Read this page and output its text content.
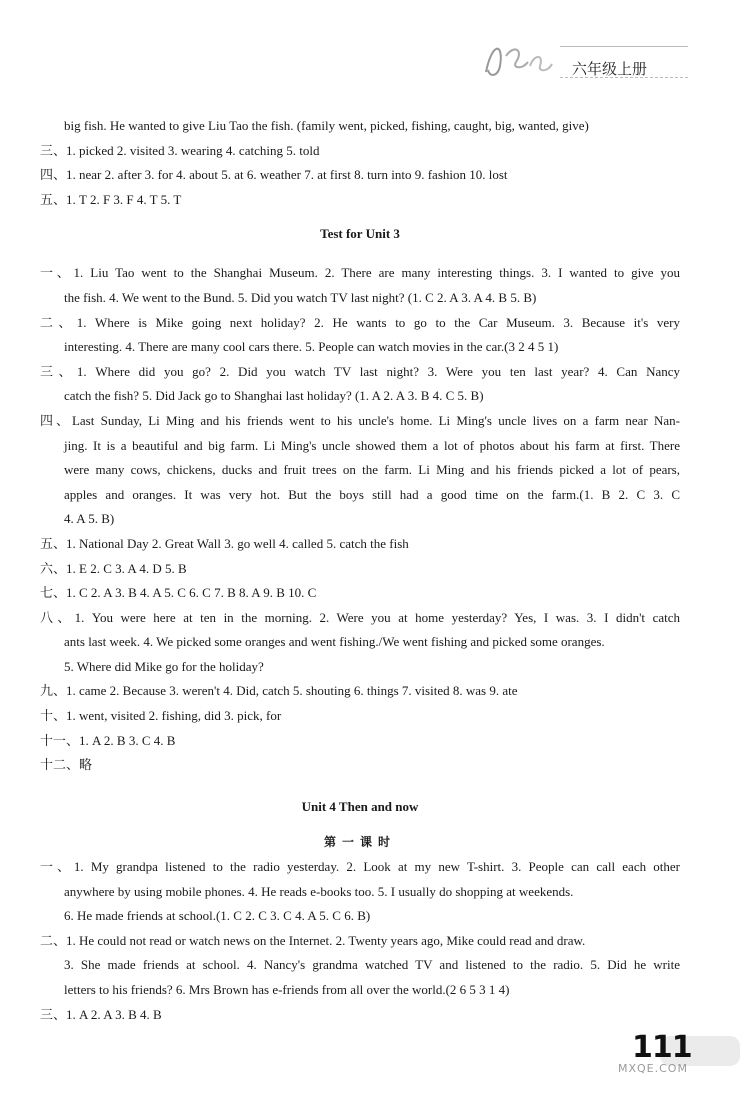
六年级上册
big fish. He wanted to give Liu Tao the fish. (family went, picked, fishing, caught, big, wanted, give)
三、1. picked 2. visited 3. wearing 4. catching 5. told
四、1. near 2. after 3. for 4. about 5. at 6. weather 7. at first 8. turn into 9. fashion 10. lost
五、1. T 2. F 3. F 4. T 5. T
Test for Unit 3
一、1. Liu Tao went to the Shanghai Museum. 2. There are many interesting things. 3. I wanted to give you
the fish. 4. We went to the Bund. 5. Did you watch TV last night? (1. C 2. A 3. A 4. B 5. B)
二、1. Where is Mike going next holiday? 2. He wants to go to the Car Museum. 3. Because it's very
interesting. 4. There are many cool cars there. 5. People can watch movies in the car.(3 2 4 5 1)
三、1. Where did you go? 2. Did you watch TV last night? 3. Were you ten last year? 4. Can Nancy
catch the fish? 5. Did Jack go to Shanghai last holiday? (1. A 2. A 3. B 4. C 5. B)
四、Last Sunday, Li Ming and his friends went to his uncle's home. Li Ming's uncle lives on a farm near Nan-
jing. It is a beautiful and big farm. Li Ming's uncle showed them a lot of photos about his farm at first. There
were many cows, chickens, ducks and fruit trees on the farm. Li Ming and his friends picked a lot of pears,
apples and oranges. It was very hot. But the boys still had a good time on the farm.(1. B 2. C 3. C
4. A 5. B)
五、1. National Day 2. Great Wall 3. go well 4. called 5. catch the fish
六、1. E 2. C 3. A 4. D 5. B
七、1. C 2. A 3. B 4. A 5. C 6. C 7. B 8. A 9. B 10. C
八、1. You were here at ten in the morning. 2. Were you at home yesterday? Yes, I was. 3. I didn't catch
ants last week. 4. We picked some oranges and went fishing./We went fishing and picked some oranges.
5. Where did Mike go for the holiday?
九、1. came 2. Because 3. weren't 4. Did, catch 5. shouting 6. things 7. visited 8. was 9. ate
十、1. went, visited 2. fishing, did 3. pick, for
十一、1. A 2. B 3. C 4. B
十二、略
Unit 4 Then and now
第一课时
一、1. My grandpa listened to the radio yesterday. 2. Look at my new T-shirt. 3. People can call each other
anywhere by using mobile phones. 4. He reads e-books too. 5. I usually do shopping at weekends.
6. He made friends at school.(1. C 2. C 3. C 4. A 5. C 6. B)
二、1. He could not read or watch news on the Internet. 2. Twenty years ago, Mike could read and draw.
3. She made friends at school. 4. Nancy's grandma watched TV and listened to the radio. 5. Did he write
letters to his friends? 6. Mrs Brown has e-friends from all over the world.(2 6 5 3 1 4)
三、1. A 2. A 3. B 4. B
111
MXQE.COM
